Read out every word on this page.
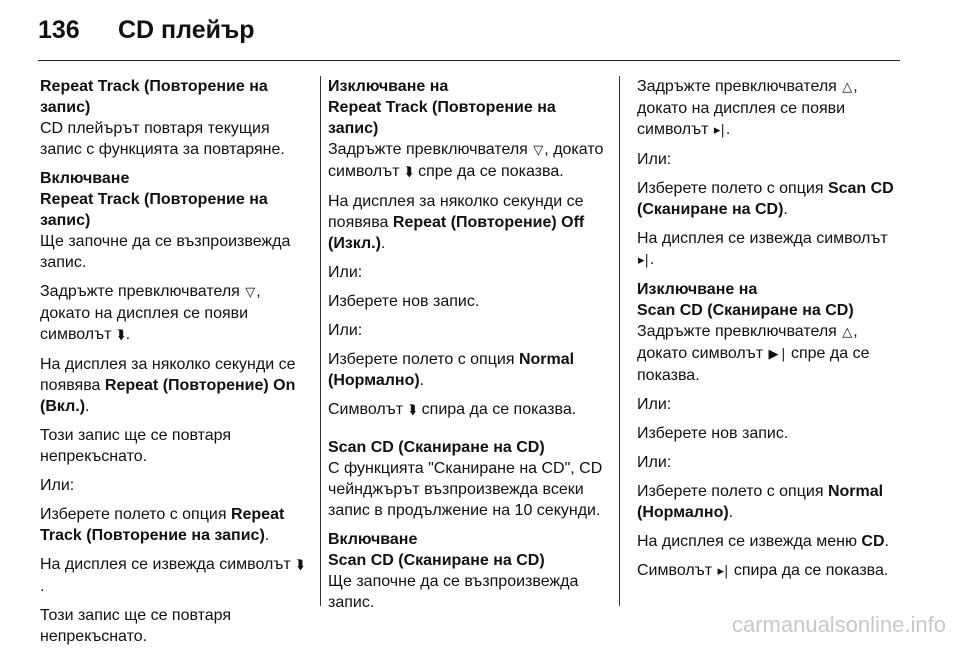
136 CD плейър

Repeat Track (Повторение на запис)

CD плейърът повтаря текущия запис с функцията за повтаряне.

Включване

Repeat Track (Повторение на запис)

Ще започне да се възпроизвежда запис.

Задръжте превключвателя ▽, докато на дисплея се появи символът ⮯.

На дисплея за няколко секунди се появява Repeat (Повторение) On (Вкл.).

Този запис ще се повтаря непрекъснато.

Или:

Изберете полето с опция Repeat Track (Повторение на запис).

На дисплея се извежда символът ⮯.

Този запис ще се повтаря непрекъснато.

Изключване на

Repeat Track (Повторение на запис)

Задръжте превключвателя ▽, докато символът ⮯ спре да се показва.

На дисплея за няколко секунди се появява Repeat (Повторение) Off (Изкл.).

Или:

Изберете нов запис.

Или:

Изберете полето с опция Normal (Нормално).

Символът ⮯ спира да се показва.

Scan CD (Сканиране на CD)

С функцията "Сканиране на CD", CD чейнджърът възпроизвежда всеки запис в продължение на 10 секунди.

Включване

Scan CD (Сканиране на CD)

Ще започне да се възпроизвежда запис.

Задръжте превключвателя △, докато на дисплея се появи символът ▸|.

Или:

Изберете полето с опция Scan CD (Сканиране на CD).

На дисплея се извежда символът ▸|.

Изключване на

Scan CD (Сканиране на CD)

Задръжте превключвателя △, докато символът ▶ | спре да се показва.

Или:

Изберете нов запис.

Или:

Изберете полето с опция Normal (Нормално).

На дисплея се извежда меню CD.

Символът ▸| спира да се показва.

carmanualsonline.info
